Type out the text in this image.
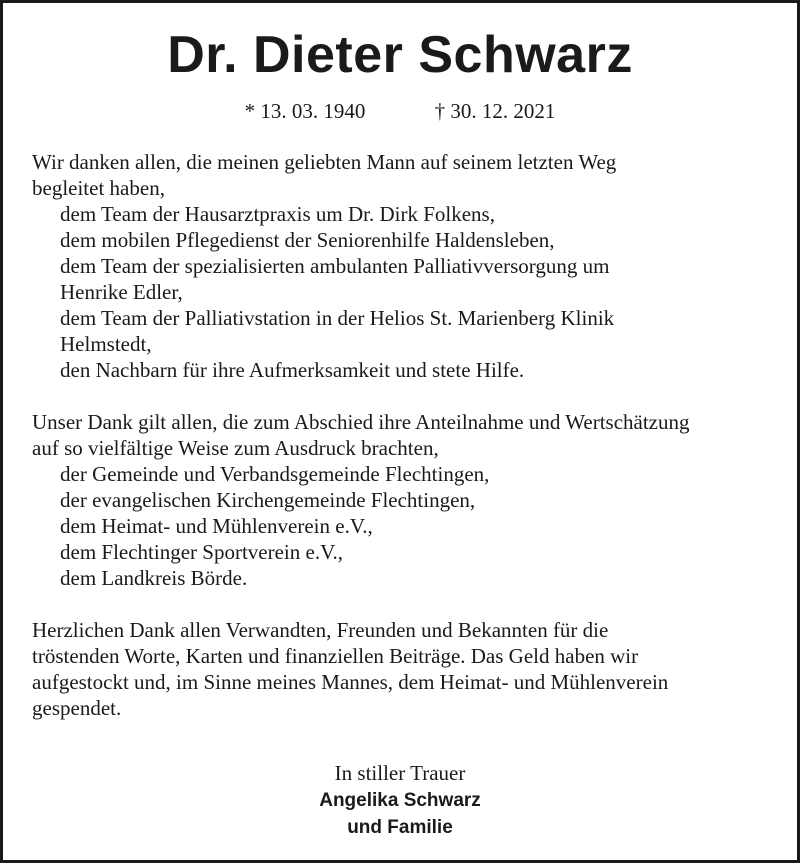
Dr. Dieter Schwarz
* 13. 03. 1940	† 30. 12. 2021
Wir danken allen, die meinen geliebten Mann auf seinem letzten Weg
begleitet haben,
dem Team der Hausarztpraxis um Dr. Dirk Folkens,
dem mobilen Pflegedienst der Seniorenhilfe Haldensleben,
dem Team der spezialisierten ambulanten Palliativversorgung um
Henrike Edler,
dem Team der Palliativstation in der Helios St. Marienberg Klinik
Helmstedt,
den Nachbarn für ihre Aufmerksamkeit und stete Hilfe.
Unser Dank gilt allen, die zum Abschied ihre Anteilnahme und Wertschätzung
auf so vielfältige Weise zum Ausdruck brachten,
der Gemeinde und Verbandsgemeinde Flechtingen,
der evangelischen Kirchengemeinde Flechtingen,
dem Heimat- und Mühlenverein e.V.,
dem Flechtinger Sportverein e.V.,
dem Landkreis Börde.
Herzlichen Dank allen Verwandten, Freunden und Bekannten für die
tröstenden Worte, Karten und finanziellen Beiträge. Das Geld haben wir
aufgestockt und, im Sinne meines Mannes, dem Heimat- und Mühlenverein
gespendet.
In stiller Trauer
Angelika Schwarz
und Familie
